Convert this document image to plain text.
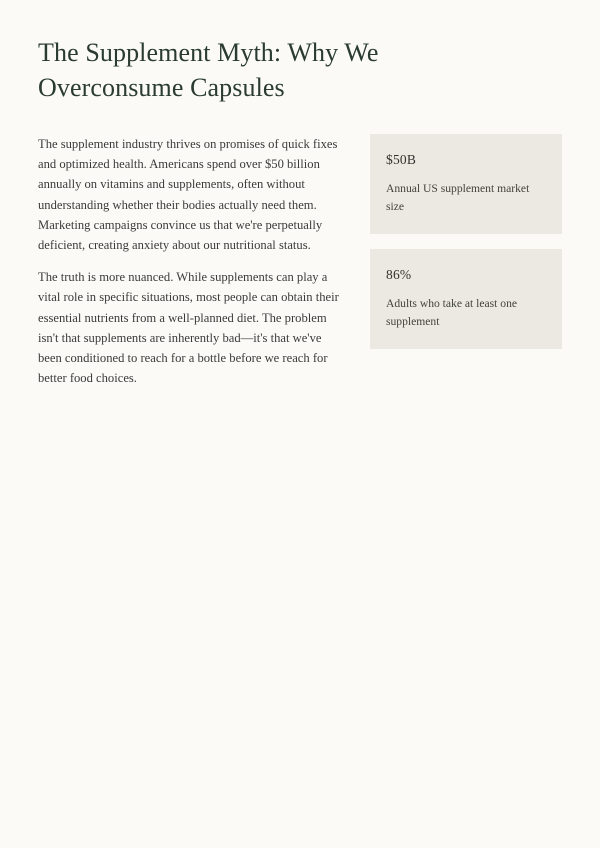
The Supplement Myth: Why We Overconsume Capsules

The supplement industry thrives on promises of quick fixes and optimized health. Americans spend over $50 billion annually on vitamins and supplements, often without understanding whether their bodies actually need them. Marketing campaigns convince us that we're perpetually deficient, creating anxiety about our nutritional status.

The truth is more nuanced. While supplements can play a vital role in specific situations, most people can obtain their essential nutrients from a well-planned diet. The problem isn't that supplements are inherently bad—it's that we've been conditioned to reach for a bottle before we reach for better food choices.

$50B
Annual US supplement market size
86%
Adults who take at least one supplement
